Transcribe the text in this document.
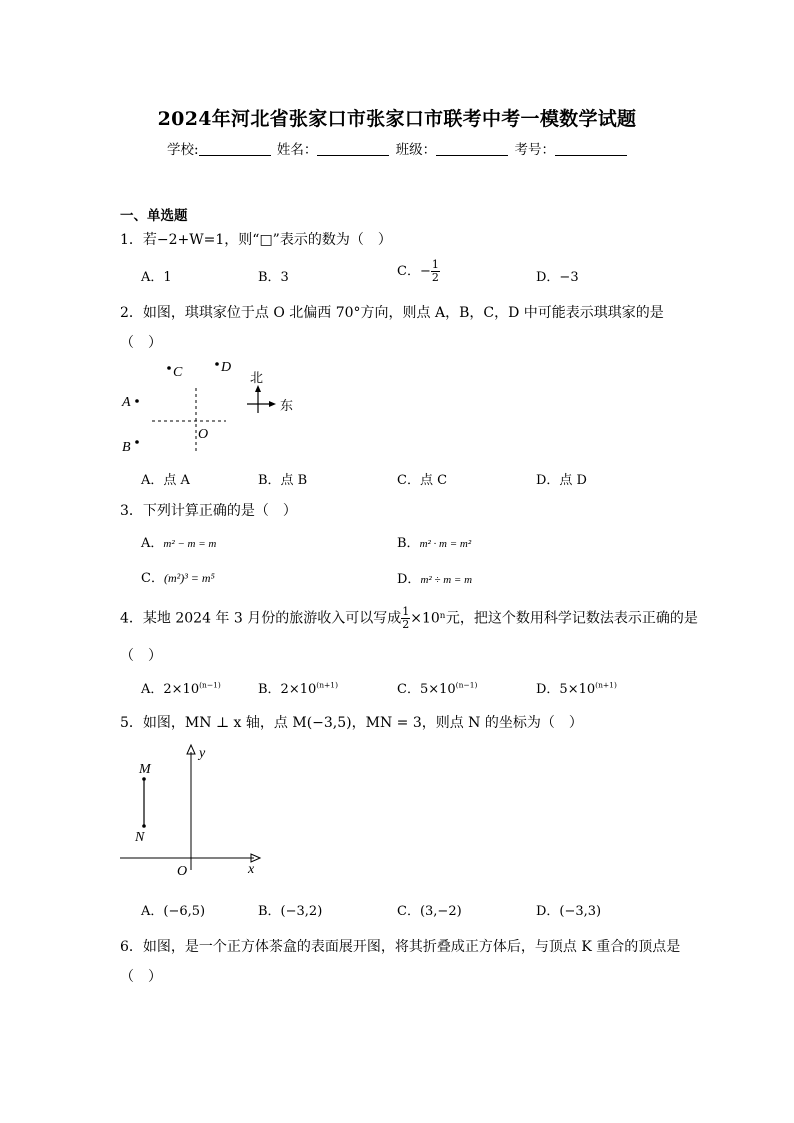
2024年河北省张家口市张家口市联考中考一模数学试题
学校:	姓名：	班级：	考号：
一、单选题
1．若−2+W=1，则“□”表示的数为（　）
A．1	B．3	C．− $\frac{1}{2}$	D．−3
2．如图，琪琪家位于点 O 北偏西 70°方向，则点 A，B，C，D 中可能表示琪琪家的是
（　）
C	D
A
B
O
北
东
A．点 A	B．点 B	C．点 C	D．点 D
3．下列计算正确的是（　）
A．m² − m = m	B．m² · m = m²
C．(m²)³ = m⁵	D．m² ÷ m = m
4．某地 2024 年 3 月份的旅游收入可以写成 $\frac{1}{2} \times 10^n$元，把这个数用科学记数法表示正确的是
（　）
A．$2\times 10^{(n-1)}$	B．$2\times 10^{(n+1)}$	C．$5\times 10^{(n-1)}$	D．$5\times 10^{(n+1)}$
5．如图，MN ⊥ x 轴，点 M(−3,5)，MN = 3，则点 N 的坐标为（　）
y
x
O
M
N
A．(−6,5)	B．(−3,2)	C．(3,−2)	D．(−3,3)
6．如图，是一个正方体茶盒的表面展开图，将其折叠成正方体后，与顶点 K 重合的顶点是
（　）
